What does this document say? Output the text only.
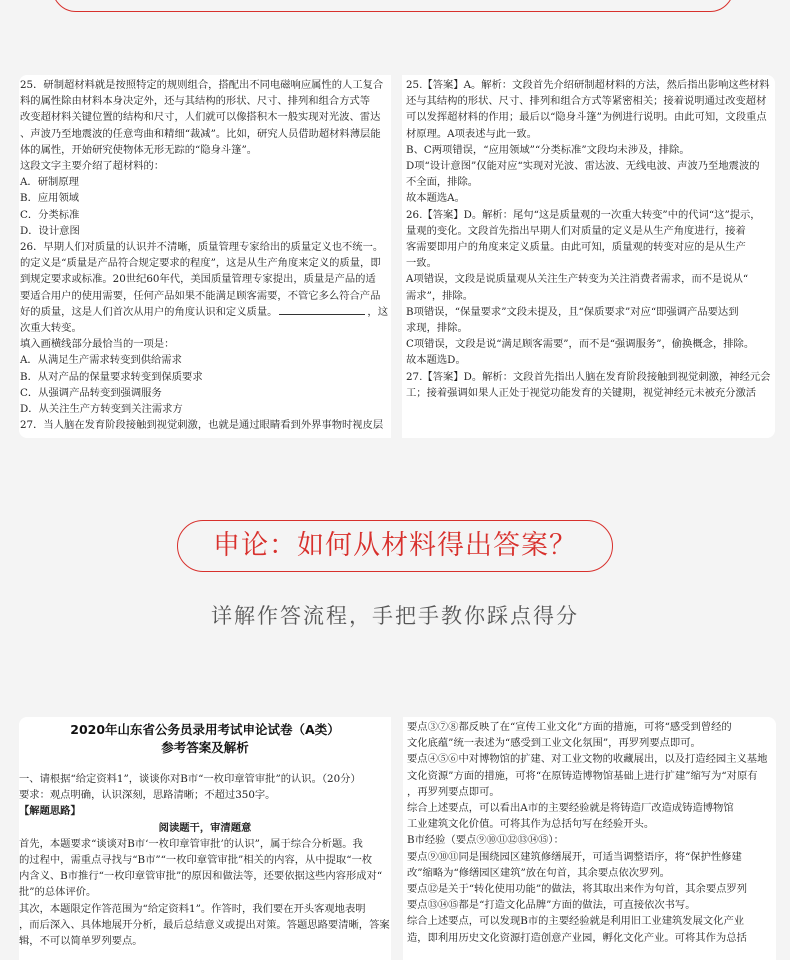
25．研制超材料就是按照特定的规则组合，搭配出不同电磁响应属性的人工复合

料的属性除由材料本身决定外，还与其结构的形状、尺寸、排列和组合方式等

改变超材料关键位置的结构和尺寸，人们就可以像搭积木一般实现对光波、雷达

、声波乃至地震波的任意弯曲和精细“裁减”。比如，研究人员借助超材料薄层能

体的属性，开始研究使物体无形无踪的“隐身斗篷”。

这段文字主要介绍了超材料的：

A．研制原理

B．应用领域

C．分类标准

D．设计意图

26．早期人们对质量的认识并不清晰，质量管理专家给出的质量定义也不统一。

的定义是“质量是产品符合规定要求的程度”，这是从生产角度来定义的质量，即

到规定要求或标准。20世纪60年代，美国质量管理专家提出，质量是产品的适

要适合用户的使用需要，任何产品如果不能满足顾客需要，不管它多么符合产品

好的质量，这是人们首次从用户的角度认识和定义质量。	，这

次重大转变。

填入画横线部分最恰当的一项是：

A．从满足生产需求转变到供给需求

B．从对产品的保量要求转变到保质要求

C．从强调产品转变到强调服务

D．从关注生产方转变到关注需求方

27．当人脑在发育阶段接触到视觉刺激，也就是通过眼睛看到外界事物时视皮层

25.【答案】A。解析：文段首先介绍研制超材料的方法，然后指出影响这些材料

还与其结构的形状、尺寸、排列和组合方式等紧密相关；接着说明通过改变超材

可以发挥超材料的作用；最后以“隐身斗篷”为例进行说明。由此可知，文段重点

材原理。A项表述与此一致。

B、C两项错误，“应用领域”“分类标准”文段均未涉及，排除。

D项“设计意图”仅能对应“实现对光波、雷达波、无线电波、声波乃至地震波的

不全面，排除。

故本题选A。

26.【答案】D。解析：尾句“这是质量观的一次重大转变”中的代词“这”提示，

量观的变化。文段首先指出早期人们对质量的定义是从生产角度进行，接着

客需要即用户的角度来定义质量。由此可知，质量观的转变对应的是从生产

一致。

A项错误，文段是说质量观从关注生产转变为关注消费者需求，而不是说从“

需求”，排除。

B项错误，“保量要求”文段未提及，且“保质要求”对应“即强调产品要达到

求现，排除。

C项错误，文段是说“满足顾客需要”，而不是“强调服务”，偷换概念，排除。

故本题选D。

27.【答案】D。解析：文段首先指出人脑在发育阶段接触到视觉刺激，神经元会

工；接着强调如果人正处于视觉功能发育的关键期，视觉神经元未被充分激活

申论：如何从材料得出答案？
详解作答流程，手把手教你踩点得分
2020年山东省公务员录用考试申论试卷（A类）
参考答案及解析

一、请根据“给定资料1”，谈谈你对B市“一枚印章管审批”的认识。（20分）

要求：观点明确，认识深刻，思路清晰；不超过350字。

【解题思路】

阅读题干，审清题意

首先，本题要求“谈谈对B市‘一枚印章管审批’的认识”，属于综合分析题。我

的过程中，需重点寻找与“B市”“一枚印章管审批”相关的内容，从中提取“一枚

内含义、B市推行“一枚印章管审批”的原因和做法等，还要依据这些内容形成对“

批”的总体评价。

其次，本题限定作答范围为“给定资料1”。作答时，我们要在开头客观地表明

，而后深入、具体地展开分析，最后总结意义或提出对策。答题思路要清晰，答案

辑，不可以简单罗列要点。

要点③⑦⑧都反映了在“宣传工业文化”方面的措施，可将“感受到曾经的

文化底蕴”统一表述为“感受到工业文化氛围”，再罗列要点即可。

要点④⑤⑥中对博物馆的扩建、对工业文物的收藏展出，以及打造经园主义基地

文化资源”方面的措施，可将“在原铸造博物馆基础上进行扩建”缩写为“对原有

，再罗列要点即可。

综合上述要点，可以看出A市的主要经验就是将铸造厂改造成铸造博物馆

工业建筑文化价值。可将其作为总括句写在经验开头。

B市经验（要点⑨⑩⑪⑫⑬⑭⑮）：

要点⑨⑩⑪同是围绕园区建筑修缮展开，可适当调整语序，将“保护性修建

改”缩略为“修缮园区建筑”放在句首，其余要点依次罗列。

要点⑫是关于“转化使用功能”的做法，将其取出来作为句首，其余要点罗列

要点⑬⑭⑮都是“打造文化品牌”方面的做法，可直接依次书写。

综合上述要点，可以发现B市的主要经验就是利用旧工业建筑发展文化产业

造，即利用历史文化资源打造创意产业园，孵化文化产业。可将其作为总括
